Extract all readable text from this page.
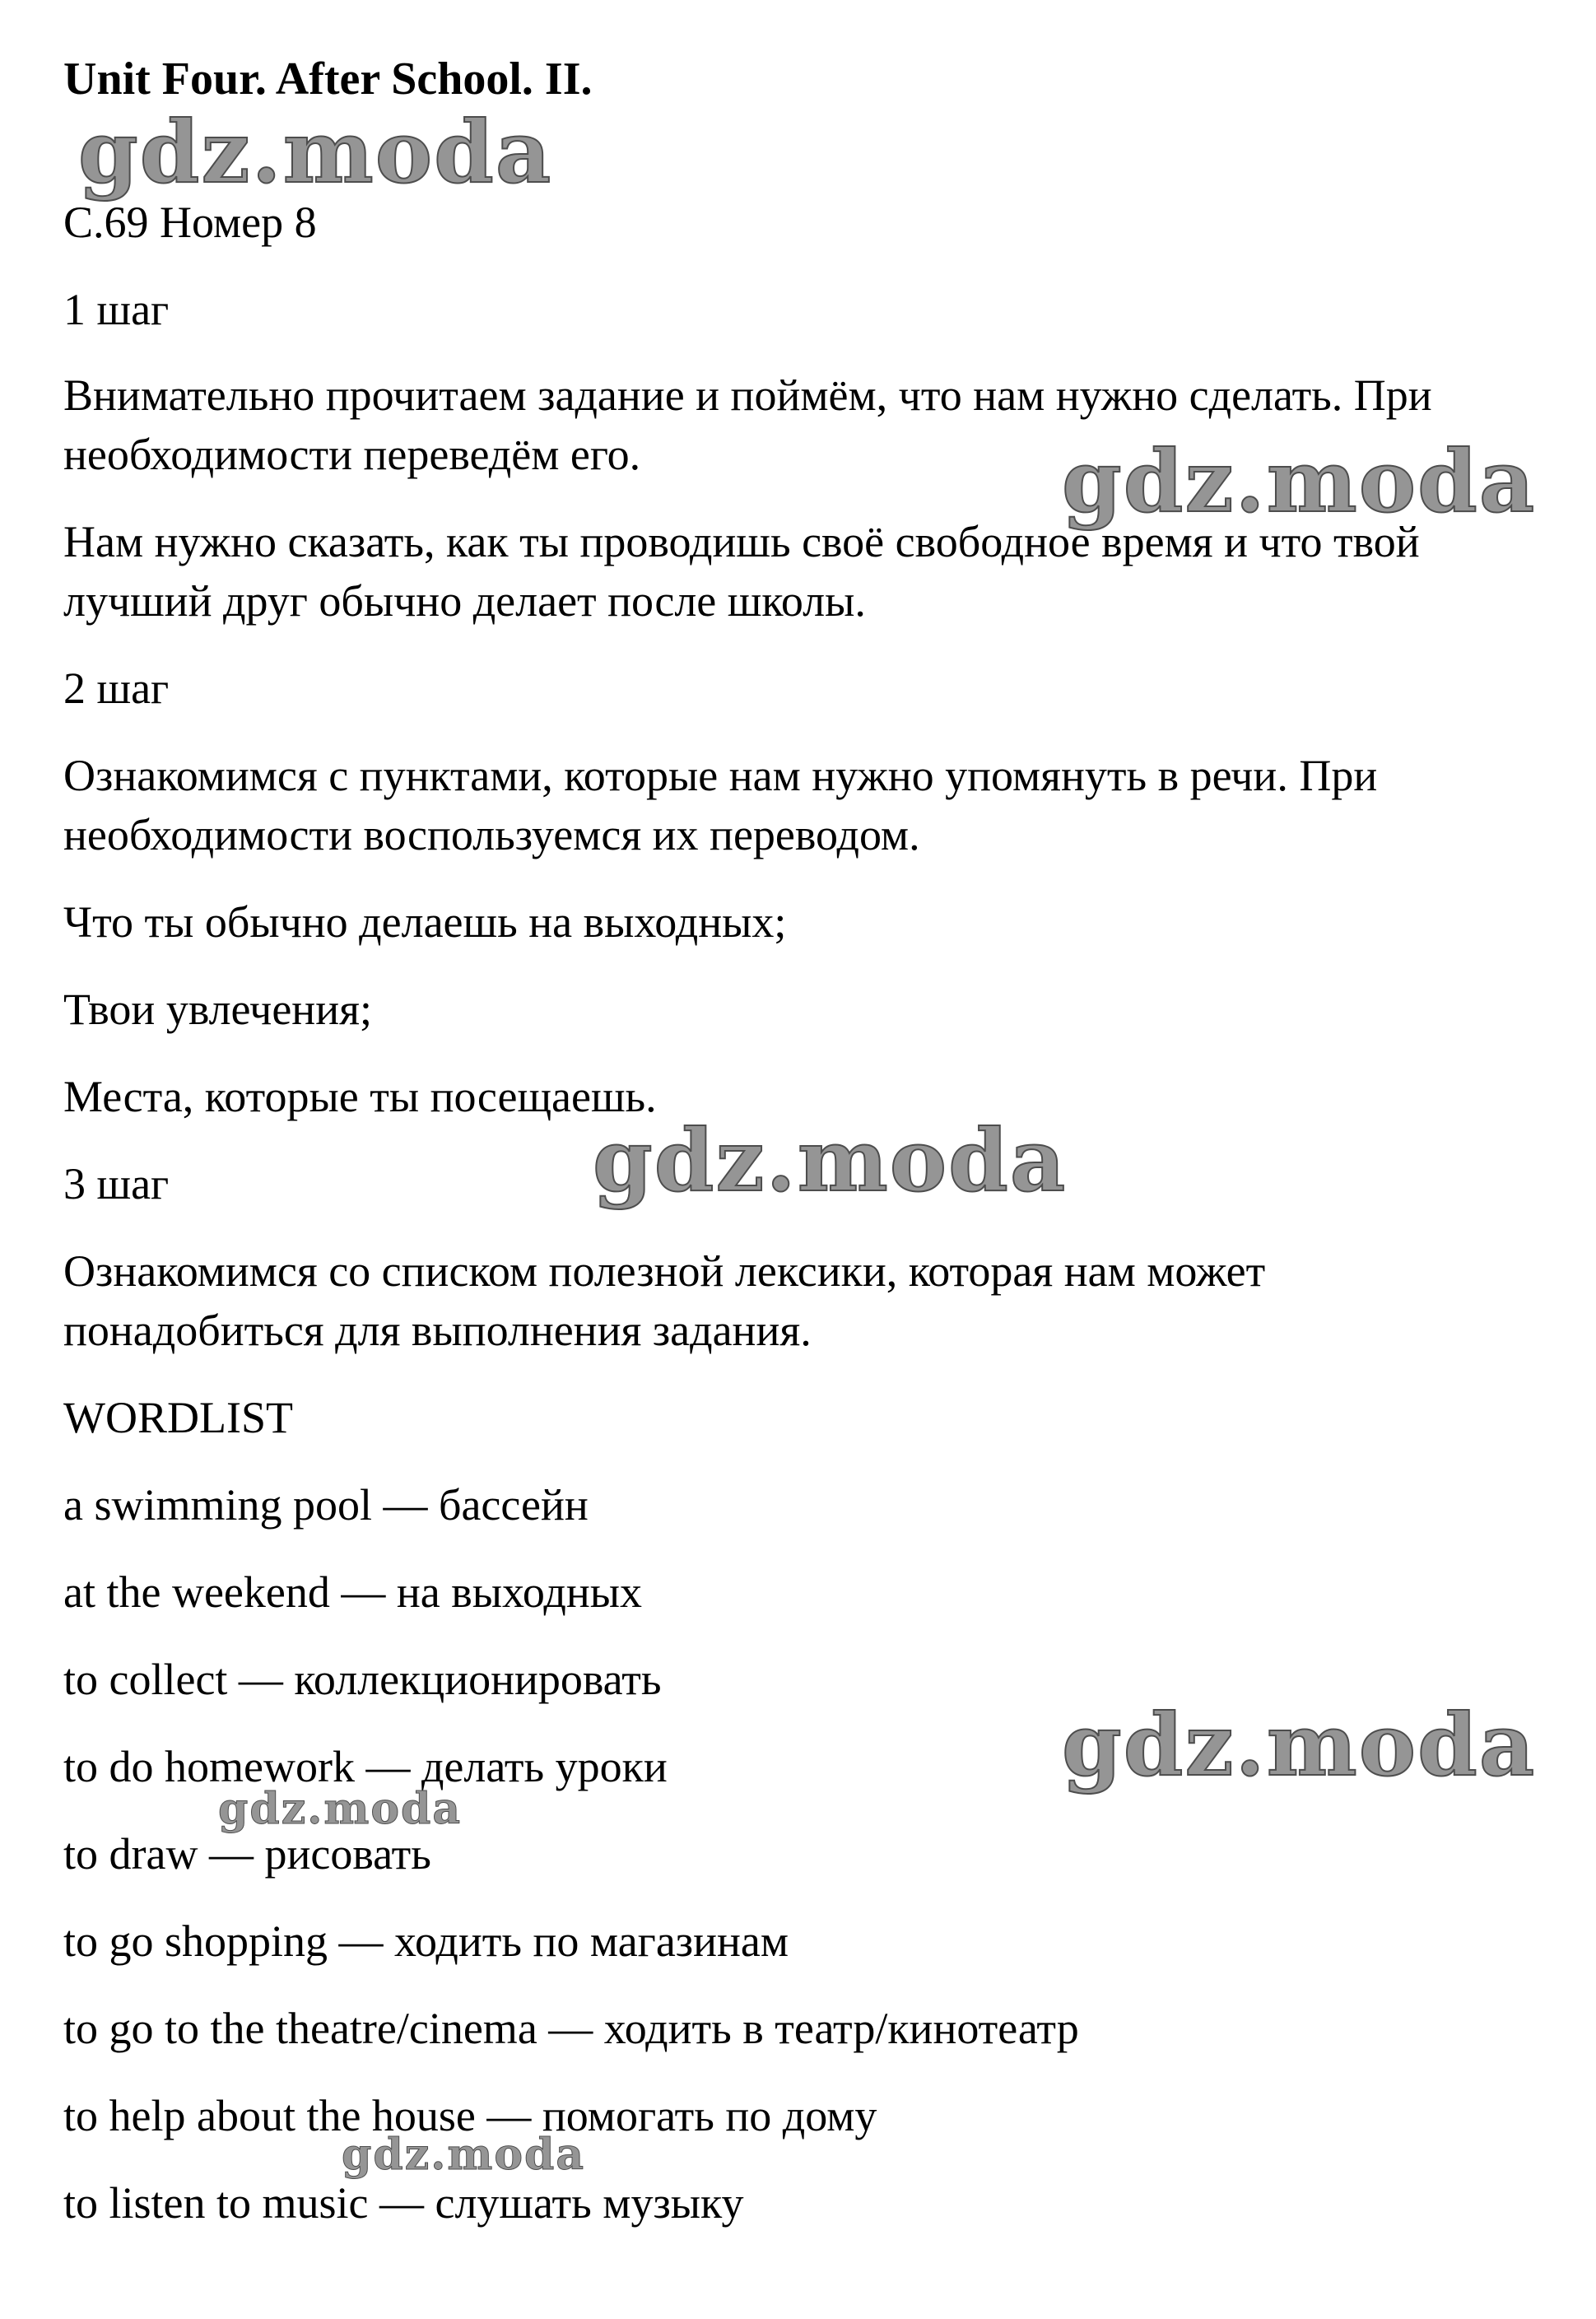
Unit Four. After School. II.
С.69 Номер 8
1 шаг
Внимательно прочитаем задание и поймём, что нам нужно сделать. При
необходимости переведём его.
Нам нужно сказать, как ты проводишь своё свободное время и что твой
лучший друг обычно делает после школы.
2 шаг
Ознакомимся с пунктами, которые нам нужно упомянуть в речи. При
необходимости воспользуемся их переводом.
Что ты обычно делаешь на выходных;
Твои увлечения;
Места, которые ты посещаешь.
3 шаг
Ознакомимся со списком полезной лексики, которая нам может
понадобиться для выполнения задания.
WORDLIST
a swimming pool — бассейн
at the weekend — на выходных
to collect — коллекционировать
to do homework — делать уроки
to draw — рисовать
to go shopping — ходить по магазинам
to go to the theatre/cinema — ходить в театр/кинотеатр
to help about the house — помогать по дому
to listen to music — слушать музыку
gdz.moda
gdz.moda
gdz.moda
gdz.moda
gdz.moda
gdz.moda
